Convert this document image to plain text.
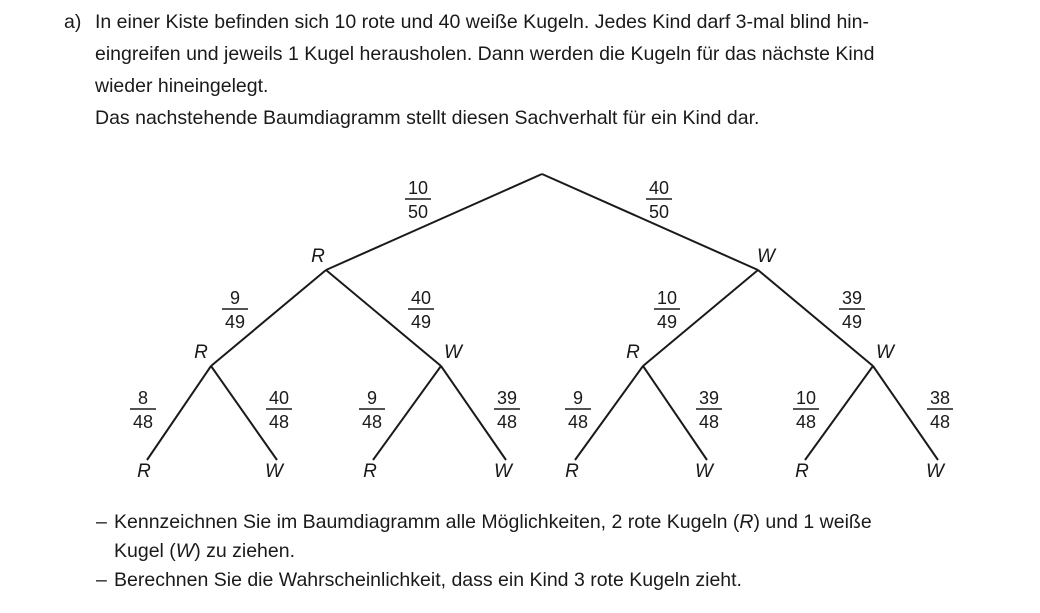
a) In einer Kiste befinden sich 10 rote und 40 weiße Kugeln. Jedes Kind darf 3-mal blind hin-
eingreifen und jeweils 1 Kugel herausholen. Dann werden die Kugeln für das nächste Kind
wieder hineingelegt.
Das nachstehende Baumdiagramm stellt diesen Sachverhalt für ein Kind dar.
10
50
40
50
9
49
40
49
10
49
39
49
8
48
40
48
9
48
39
48
9
48
39
48
10
48
38
48
R	W
R	W	R	W
R	W	R	W	R	W	R	W
– Kennzeichnen Sie im Baumdiagramm alle Möglichkeiten, 2 rote Kugeln (R) und 1 weiße
Kugel (W) zu ziehen.
– Berechnen Sie die Wahrscheinlichkeit, dass ein Kind 3 rote Kugeln zieht.
